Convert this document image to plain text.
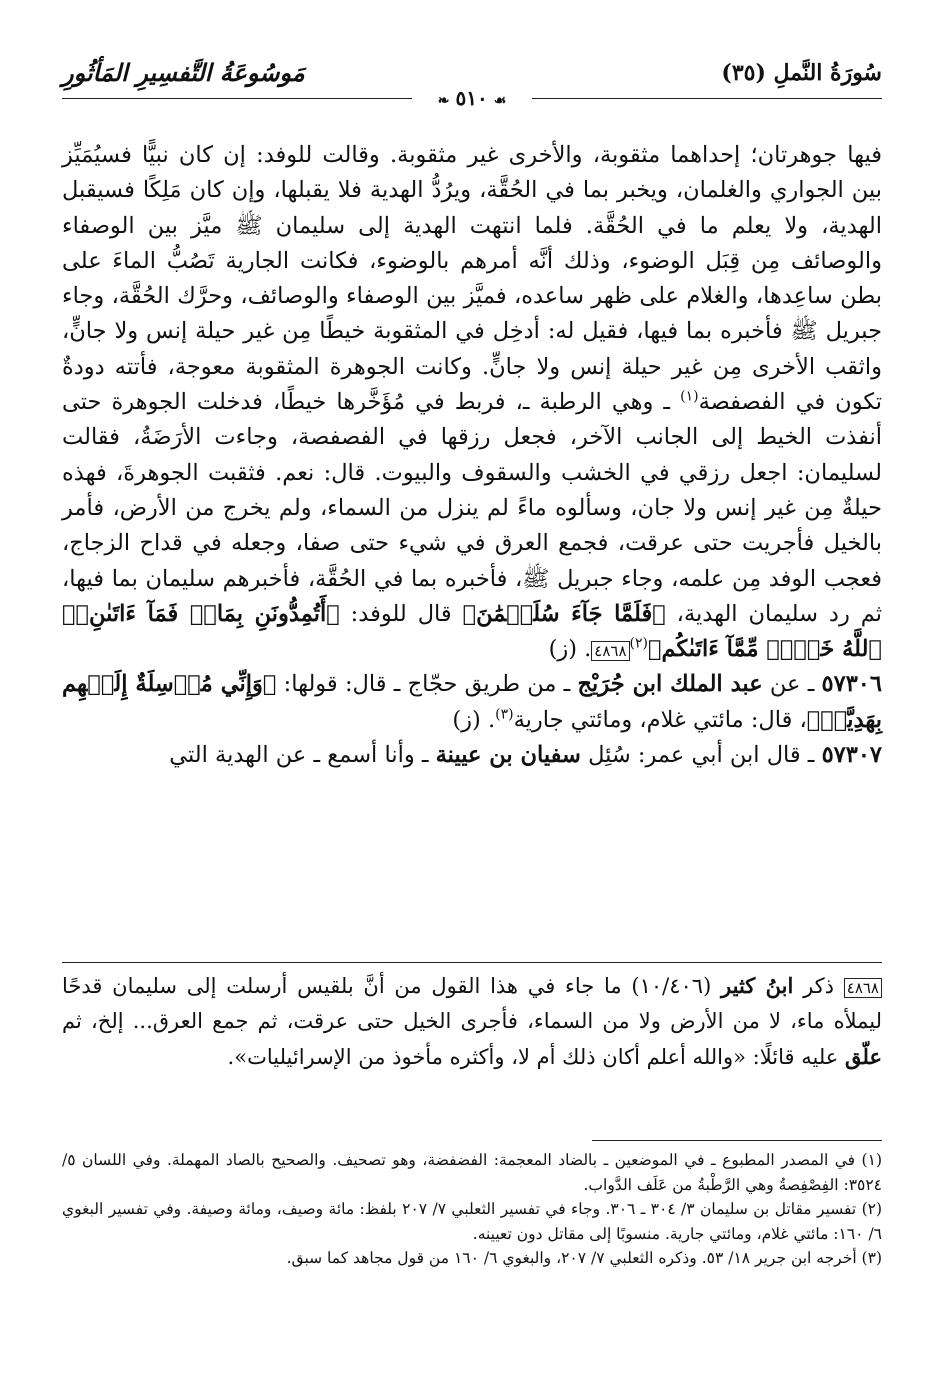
سُورَةُ النَّملِ (٣٥)
مَوسُوعَةُ التَّفسِيرِ المَأثُورِ
☙٥١٠❧

فيها جوهرتان؛ إحداهما مثقوبة، والأخرى غير مثقوبة. وقالت للوفد: إن كان نبيًّا فسيُمَيِّز بين الجواري والغلمان، ويخبر بما في الحُقَّة، ويرُدُّ الهدية فلا يقبلها، وإن كان مَلِكًا فسيقبل الهدية، ولا يعلم ما في الحُقَّة. فلما انتهت الهدية إلى سليمان ﷺ ميَّز بين الوصفاء والوصائف مِن قِبَل الوضوء، وذلك أنَّه أمرهم بالوضوء، فكانت الجارية تَصُبُّ الماءَ على بطن ساعِدها، والغلام على ظهر ساعده، فميَّز بين الوصفاء والوصائف، وحرَّك الحُقَّة، وجاء جبريل ﷺ فأخبره بما فيها، فقيل له: أدخِل في المثقوبة خيطًا مِن غير حيلة إنس ولا جانٍّ، واثقب الأخرى مِن غير حيلة إنس ولا جانٍّ. وكانت الجوهرة المثقوبة معوجة، فأتته دودةٌ تكون في الفصفصة$^{(١)}$ ـ وهي الرطبة ـ، فربط في مُؤَخَّرها خيطًا، فدخلت الجوهرة حتى أنفذت الخيط إلى الجانب الآخر، فجعل رزقها في الفصفصة، وجاءت الأرَضَةُ، فقالت لسليمان: اجعل رزقي في الخشب والسقوف والبيوت. قال: نعم. فثقبت الجوهرةَ، فهذه حيلةٌ مِن غير إنس ولا جان، وسألوه ماءً لم ينزل من السماء، ولم يخرج من الأرض، فأمر بالخيل فأجريت حتى عرقت، فجمع العرق في شيء حتى صفا، وجعله في قداح الزجاج، فعجب الوفد مِن علمه، وجاء جبريل ﷺ، فأخبره بما في الحُقَّة، فأخبرهم سليمان بما فيها، ثم رد سليمان الهدية، ﴿فَلَمَّا جَآءَ سُلَيۡمَٰنَ﴾ قال للوفد: ﴿أَتُمِدُّونَنِ بِمَالٖ فَمَآ ءَاتَىٰنِۦَ ٱللَّهُ خَيۡرٞ مِّمَّآ ءَاتَىٰكُم﴾$^{(٢)}$٤٨٦٨. (ز)

٥٧٣٠٦ ـ عن عبد الملك ابن جُرَيْج ـ من طريق حجّاج ـ قال: قولها: ﴿وَإِنِّي مُرۡسِلَةٌ إِلَيۡهِم بِهَدِيَّةٖ﴾، قال: مائتي غلام، ومائتي جارية$^{(٣)}$. (ز)

٥٧٣٠٧ ـ قال ابن أبي عمر: سُئِل سفيان بن عيينة ـ وأنا أسمع ـ عن الهدية التي

٤٨٦٨ ذكر ابنُ كثير (١٠/٤٠٦) ما جاء في هذا القول من أنَّ بلقيس أرسلت إلى سليمان قدحًا ليملأه ماء، لا من الأرض ولا من السماء، فأجرى الخيل حتى عرقت، ثم جمع العرق... إلخ، ثم علّق عليه قائلًا: «والله أعلم أكان ذلك أم لا، وأكثره مأخوذ من الإسرائيليات».

(١) في المصدر المطبوع ـ في الموضعين ـ بالضاد المعجمة: الفضفضة، وهو تصحيف. والصحيح بالصاد المهملة. وفي اللسان ٥/ ٣٥٢٤: الفِصْفِصةُ وهي الرَّطْبةُ من عَلَف الدَّواب.

(٢) تفسير مقاتل بن سليمان ٣/ ٣٠٤ ـ ٣٠٦. وجاء في تفسير الثعلبي ٧/ ٢٠٧ بلفظ: مائة وصيف، ومائة وصيفة. وفي تفسير البغوي ٦/ ١٦٠: مائتي غلام، ومائتي جارية. منسوبًا إلى مقاتل دون تعيينه.

(٣) أخرجه ابن جرير ١٨/ ٥٣. وذكره الثعلبي ٧/ ٢٠٧، والبغوي ٦/ ١٦٠ من قول مجاهد كما سبق.
